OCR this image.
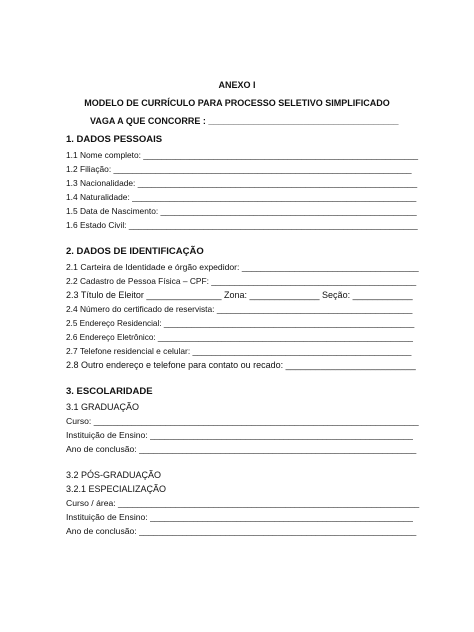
ANEXO I
MODELO DE CURRÍCULO PARA PROCESSO SELETIVO SIMPLIFICADO
VAGA A QUE CONCORRE : ______________________________________
1. DADOS PESSOAIS
1.1 Nome completo: ___________________________________________________________
1.2 Filiação: ________________________________________________________________
1.3 Nacionalidade: ____________________________________________________________
1.4 Naturalidade: _____________________________________________________________
1.5 Data de Nascimento: _______________________________________________________
1.6 Estado Civil: ______________________________________________________________
2. DADOS DE IDENTIFICAÇÃO
2.1 Carteira de Identidade e órgão expedidor: _____________________________________
2.2 Cadastro de Pessoa Física – CPF: ____________________________________________
2.3 Título de Eleitor _______________ Zona: ______________ Seção: ____________
2.4 Número do certificado de reservista: __________________________________________
2.5 Endereço Residencial: _______________________________________________________
2.6 Endereço Eletrônico: ________________________________________________________
2.7 Telefone residencial e celular: _______________________________________________
2.8 Outro endereço e telefone para contato ou recado: __________________________
3. ESCOLARIDADE
3.1 GRADUAÇÃO
Curso: ____________________________________________________________________
Instituição de Ensino: _______________________________________________________
Ano de conclusão: __________________________________________________________
3.2 PÓS-GRADUAÇÃO
3.2.1 ESPECIALIZAÇÃO
Curso / área: _______________________________________________________________
Instituição de Ensino: _______________________________________________________
Ano de conclusão: __________________________________________________________
